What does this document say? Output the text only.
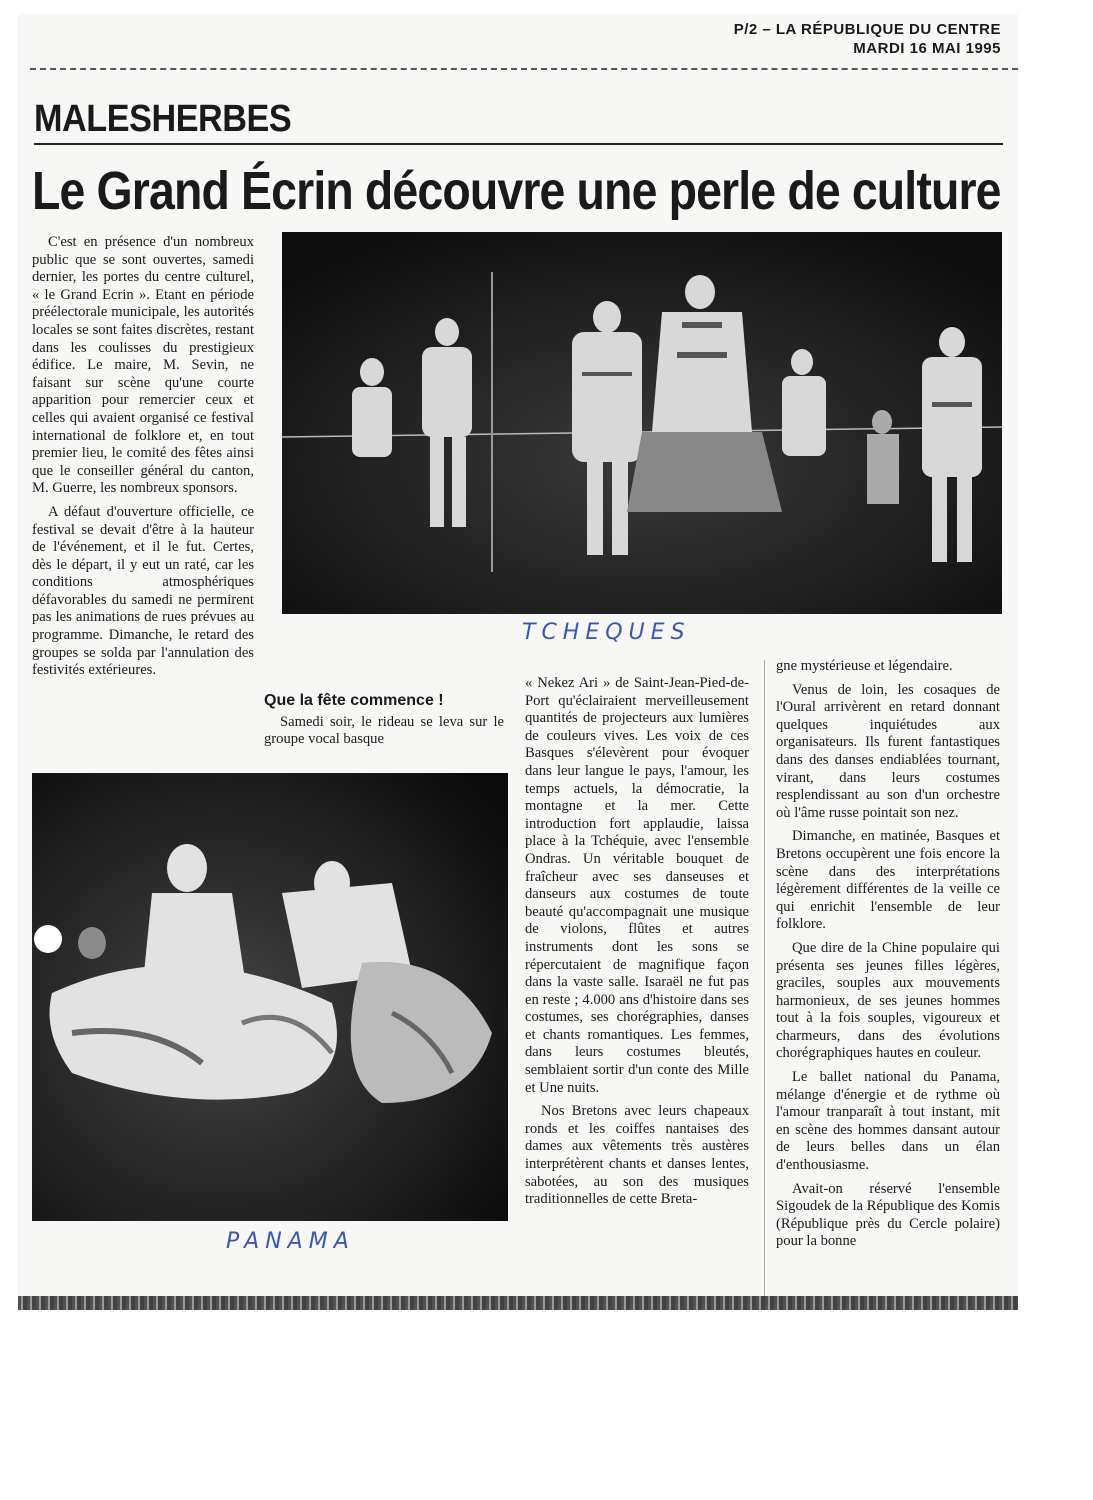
P/2 – LA RÉPUBLIQUE DU CENTRE
MARDI 16 MAI 1995
MALESHERBES
Le Grand Écrin découvre une perle de culture

C'est en présence d'un nombreux public que se sont ouvertes, samedi dernier, les portes du centre culturel, « le Grand Ecrin ». Etant en période préélectorale municipale, les autorités locales se sont faites discrètes, restant dans les coulisses du prestigieux édifice. Le maire, M. Sevin, ne faisant sur scène qu'une courte apparition pour remercier ceux et celles qui avaient organisé ce festival international de folklore et, en tout premier lieu, le comité des fêtes ainsi que le conseiller général du canton, M. Guerre, les nombreux sponsors.

A défaut d'ouverture officielle, ce festival se devait d'être à la hauteur de l'événement, et il le fut. Certes, dès le départ, il y eut un raté, car les conditions atmosphériques défavorables du samedi ne permirent pas les animations de rues prévues au programme. Dimanche, le retard des groupes se solda par l'annulation des festivités extérieures.

TCHEQUES
Que la fête commence !

Samedi soir, le rideau se leva sur le groupe vocal basque

PANAMA

« Nekez Ari » de Saint-Jean-Pied-de-Port qu'éclairaient merveilleusement quantités de projecteurs aux lumières de couleurs vives. Les voix de ces Basques s'élevèrent pour évoquer dans leur langue le pays, l'amour, les temps actuels, la démocratie, la montagne et la mer. Cette introduction fort applaudie, laissa place à la Tchéquie, avec l'ensemble Ondras. Un véritable bouquet de fraîcheur avec ses danseuses et danseurs aux costumes de toute beauté qu'accompagnait une musique de violons, flûtes et autres instruments dont les sons se répercutaient de magnifique façon dans la vaste salle. Isaraël ne fut pas en reste ; 4.000 ans d'histoire dans ses costumes, ses chorégraphies, danses et chants romantiques. Les femmes, dans leurs costumes bleutés, semblaient sortir d'un conte des Mille et Une nuits.

Nos Bretons avec leurs chapeaux ronds et les coiffes nantaises des dames aux vêtements très austères interprétèrent chants et danses lentes, sabotées, au son des musiques traditionnelles de cette Breta-

gne mystérieuse et légendaire.

Venus de loin, les cosaques de l'Oural arrivèrent en retard donnant quelques inquiétudes aux organisateurs. Ils furent fantastiques dans des danses endiablées tournant, virant, dans leurs costumes resplendissant au son d'un orchestre où l'âme russe pointait son nez.

Dimanche, en matinée, Basques et Bretons occupèrent une fois encore la scène dans des interprétations légèrement différentes de la veille ce qui enrichit l'ensemble de leur folklore.

Que dire de la Chine populaire qui présenta ses jeunes filles légères, graciles, souples aux mouvements harmonieux, de ses jeunes hommes tout à la fois souples, vigoureux et charmeurs, dans des évolutions chorégraphiques hautes en couleur.

Le ballet national du Panama, mélange d'énergie et de rythme où l'amour tranparaît à tout instant, mit en scène des hommes dansant autour de leurs belles dans un élan d'enthousiasme.

Avait-on réservé l'ensemble Sigoudek de la République des Komis (République près du Cercle polaire) pour la bonne
